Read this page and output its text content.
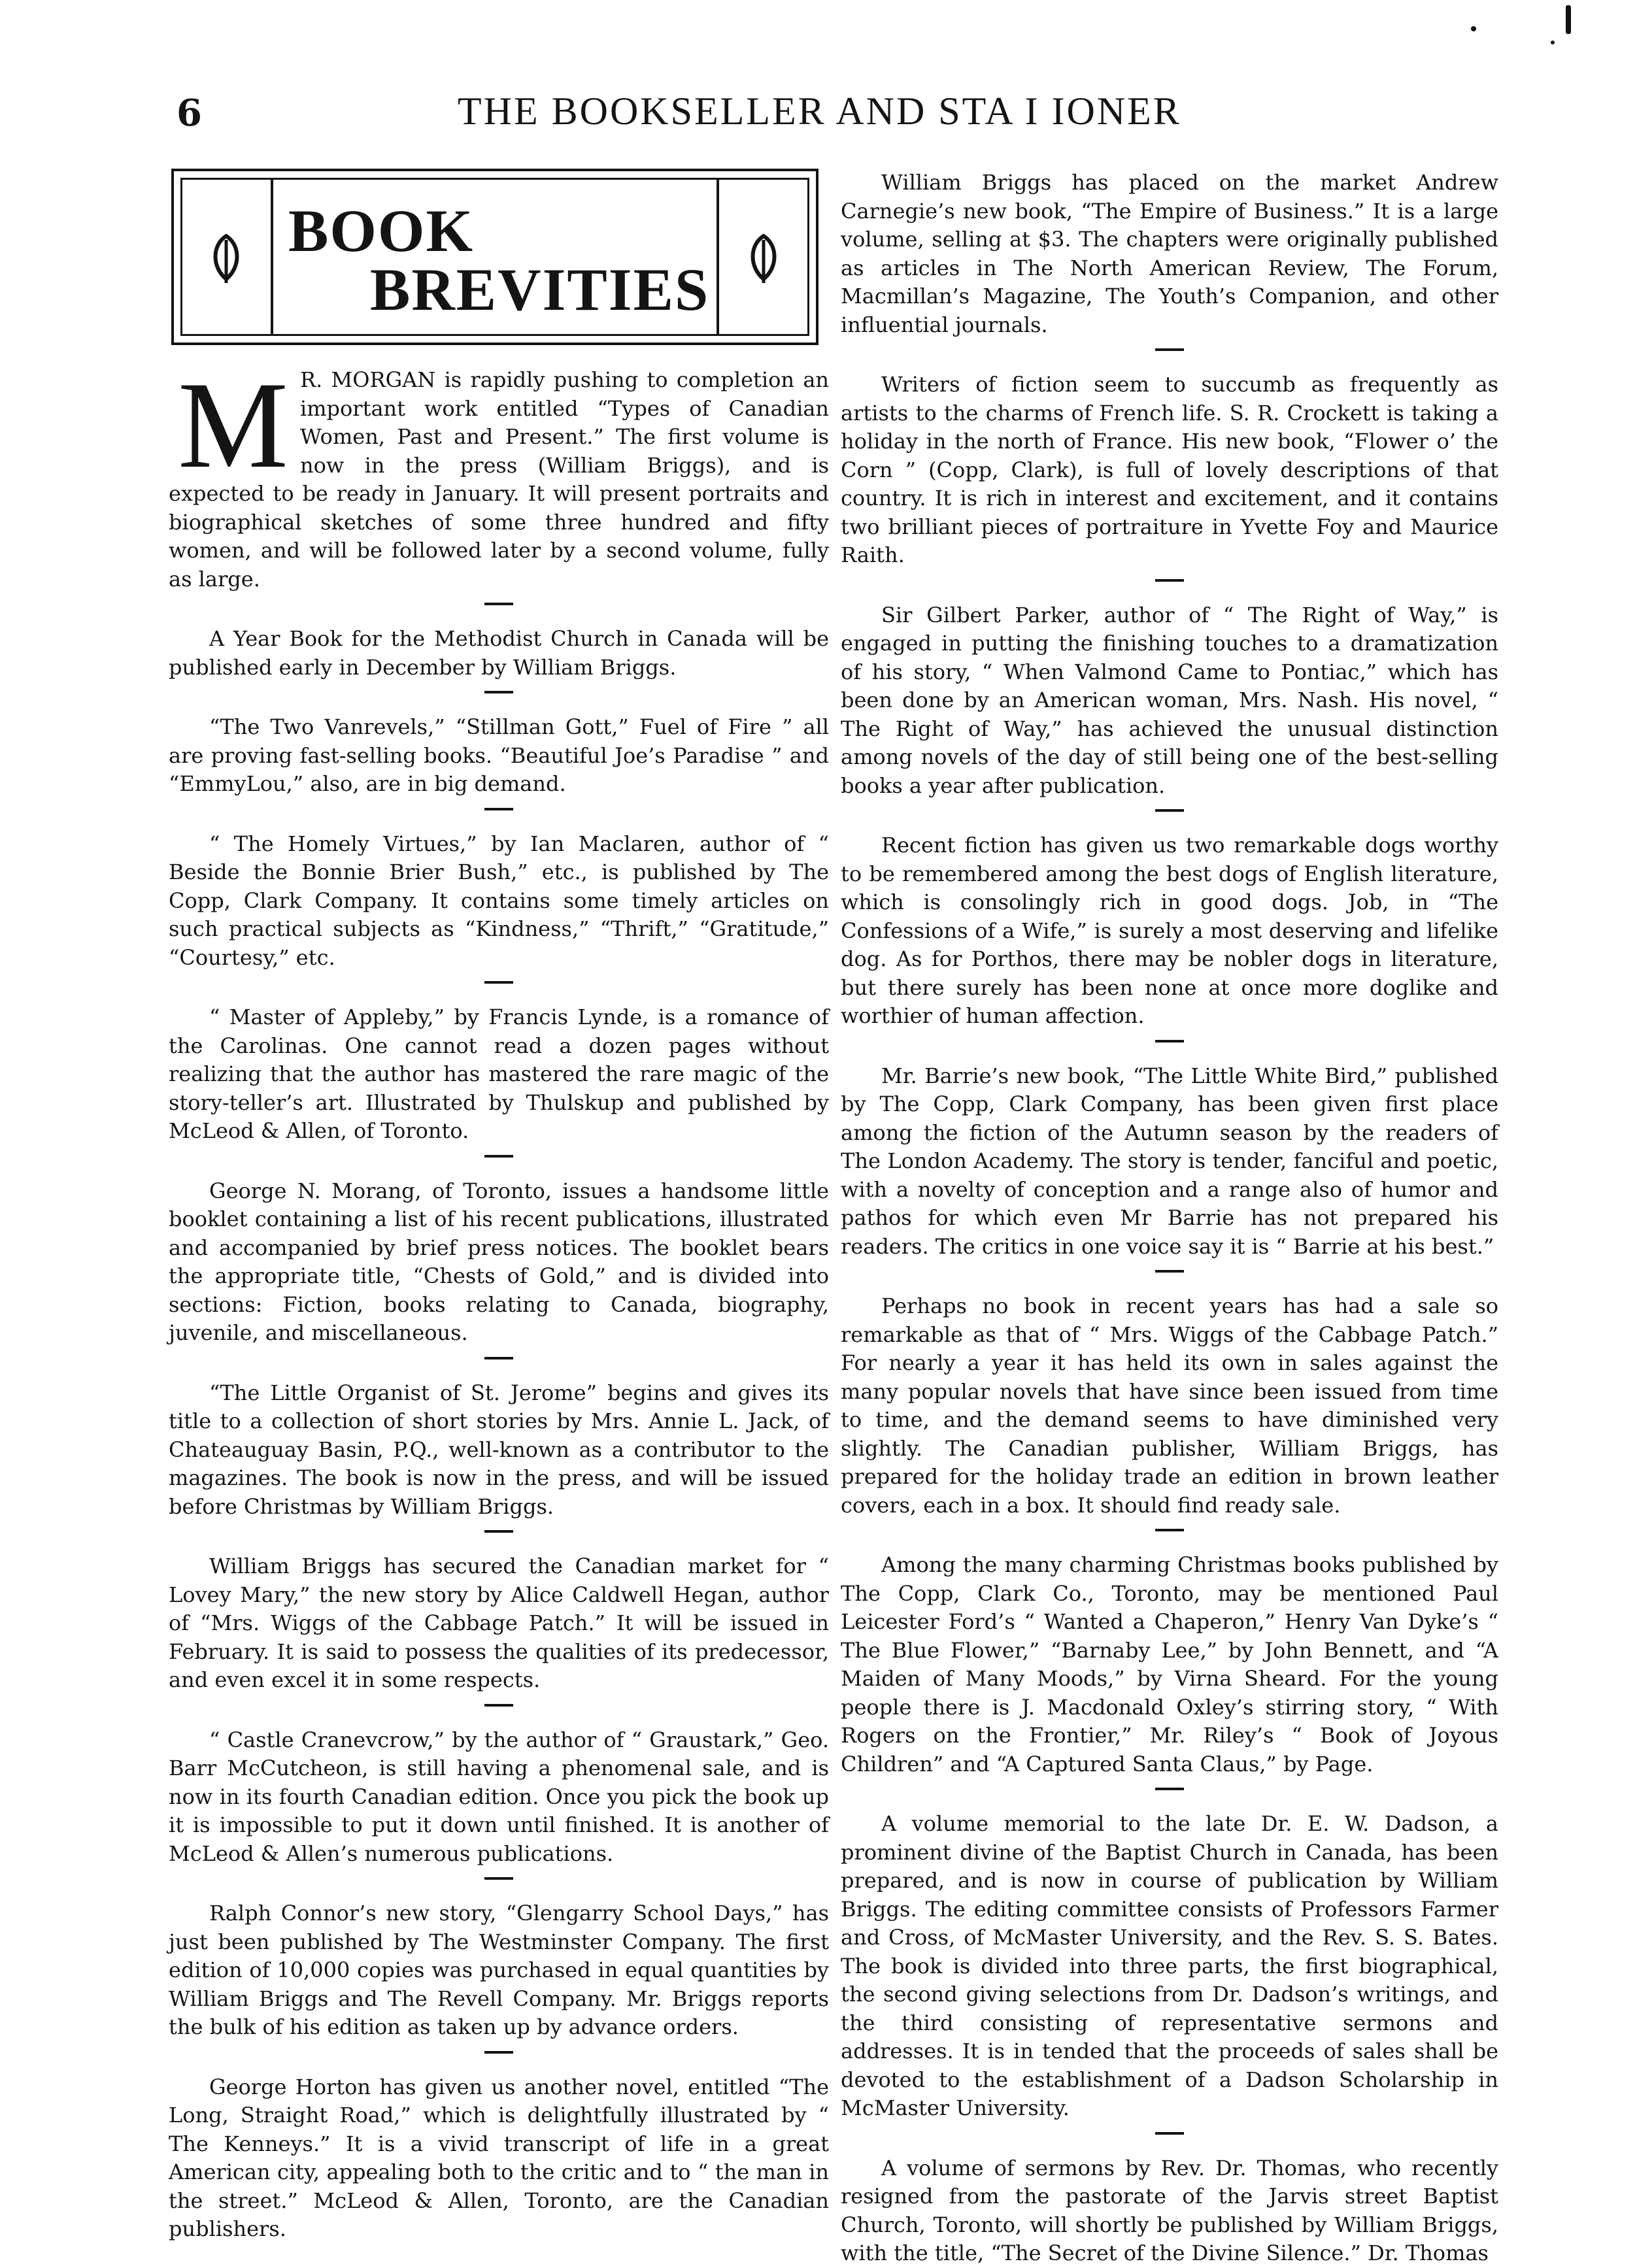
6	THE BOOKSELLER AND STA I IONER
BOOK
BREVITIES

M R. MORGAN is rapidly pushing to completion an important work entitled “Types of Canadian Women, Past and Present.” The first volume is now in the press (William Briggs), and is expected to be ready in January. It will present portraits and biographical sketches of some three hundred and fifty women, and will be followed later by a second volume, fully as large.

A Year Book for the Methodist Church in Canada will be published early in December by William Briggs.

“The Two Vanrevels,” “Stillman Gott,” Fuel of Fire ” all are proving fast-selling books. “Beautiful Joe’s Paradise ” and “EmmyLou,” also, are in big demand.

“ The Homely Virtues,” by Ian Maclaren, author of “ Beside the Bonnie Brier Bush,” etc., is published by The Copp, Clark Company. It contains some timely articles on such practical subjects as “Kindness,” “Thrift,” “Gratitude,” “Courtesy,” etc.

“ Master of Appleby,” by Francis Lynde, is a romance of the Carolinas. One cannot read a dozen pages without realizing that the author has mastered the rare magic of the story-teller’s art. Illustrated by Thulskup and published by McLeod & Allen, of Toronto.

George N. Morang, of Toronto, issues a handsome little booklet containing a list of his recent publications, illustrated and accompanied by brief press notices. The booklet bears the appropriate title, “Chests of Gold,” and is divided into sections: Fiction, books relating to Canada, biography, juvenile, and miscellaneous.

“The Little Organist of St. Jerome” begins and gives its title to a collection of short stories by Mrs. Annie L. Jack, of Chateauguay Basin, P.Q., well-known as a contributor to the magazines. The book is now in the press, and will be issued before Christmas by William Briggs.

William Briggs has secured the Canadian market for “ Lovey Mary,” the new story by Alice Caldwell Hegan, author of “Mrs. Wiggs of the Cabbage Patch.” It will be issued in February. It is said to possess the qualities of its predecessor, and even excel it in some respects.

“ Castle Cranevcrow,” by the author of “ Graustark,” Geo. Barr McCutcheon, is still having a phenomenal sale, and is now in its fourth Canadian edition. Once you pick the book up it is impossible to put it down until finished. It is another of McLeod & Allen’s numerous publications.

Ralph Connor’s new story, “Glengarry School Days,” has just been published by The Westminster Company. The first edition of 10,000 copies was purchased in equal quantities by William Briggs and The Revell Company. Mr. Briggs reports the bulk of his edition as taken up by advance orders.

George Horton has given us another novel, entitled “The Long, Straight Road,” which is delightfully illustrated by “ The Kenneys.” It is a vivid transcript of life in a great American city, appealing both to the critic and to “ the man in the street.” McLeod & Allen, Toronto, are the Canadian publishers.

William Briggs has placed on the market Andrew Carnegie’s new book, “The Empire of Business.” It is a large volume, selling at $3. The chapters were originally published as articles in The North American Review, The Forum, Macmillan’s Magazine, The Youth’s Companion, and other influential journals.

Writers of fiction seem to succumb as frequently as artists to the charms of French life. S. R. Crockett is taking a holiday in the north of France. His new book, “Flower o’ the Corn ” (Copp, Clark), is full of lovely descriptions of that country. It is rich in interest and excitement, and it contains two brilliant pieces of portraiture in Yvette Foy and Maurice Raith.

Sir Gilbert Parker, author of “ The Right of Way,” is engaged in putting the finishing touches to a dramatization of his story, “ When Valmond Came to Pontiac,” which has been done by an American woman, Mrs. Nash. His novel, “ The Right of Way,” has achieved the unusual distinction among novels of the day of still being one of the best-selling books a year after publication.

Recent fiction has given us two remarkable dogs worthy to be remembered among the best dogs of English literature, which is consolingly rich in good dogs. Job, in “The Confessions of a Wife,” is surely a most deserving and lifelike dog. As for Porthos, there may be nobler dogs in literature, but there surely has been none at once more doglike and worthier of human affection.

Mr. Barrie’s new book, “The Little White Bird,” published by The Copp, Clark Company, has been given first place among the fiction of the Autumn season by the readers of The London Academy. The story is tender, fanciful and poetic, with a novelty of conception and a range also of humor and pathos for which even Mr Barrie has not prepared his readers. The critics in one voice say it is “ Barrie at his best.”

Perhaps no book in recent years has had a sale so remarkable as that of “ Mrs. Wiggs of the Cabbage Patch.” For nearly a year it has held its own in sales against the many popular novels that have since been issued from time to time, and the demand seems to have diminished very slightly. The Canadian publisher, William Briggs, has prepared for the holiday trade an edition in brown leather covers, each in a box. It should find ready sale.

Among the many charming Christmas books published by The Copp, Clark Co., Toronto, may be mentioned Paul Leicester Ford’s “ Wanted a Chaperon,” Henry Van Dyke’s “ The Blue Flower,” “Barnaby Lee,” by John Bennett, and “A Maiden of Many Moods,” by Virna Sheard. For the young people there is J. Macdonald Oxley’s stirring story, “ With Rogers on the Frontier,” Mr. Riley’s “ Book of Joyous Children” and “A Captured Santa Claus,” by Page.

A volume memorial to the late Dr. E. W. Dadson, a prominent divine of the Baptist Church in Canada, has been prepared, and is now in course of publication by William Briggs. The editing committee consists of Professors Farmer and Cross, of McMaster University, and the Rev. S. S. Bates. The book is divided into three parts, the first biographical, the second giving selections from Dr. Dadson’s writings, and the third consisting of representative sermons and addresses. It is in tended that the proceeds of sales shall be devoted to the establishment of a Dadson Scholarship in McMaster University.

A volume of sermons by Rev. Dr. Thomas, who recently resigned from the pastorate of the Jarvis street Baptist Church, Toronto, will shortly be published by William Briggs, with the title, “The Secret of the Divine Silence.” Dr. Thomas
